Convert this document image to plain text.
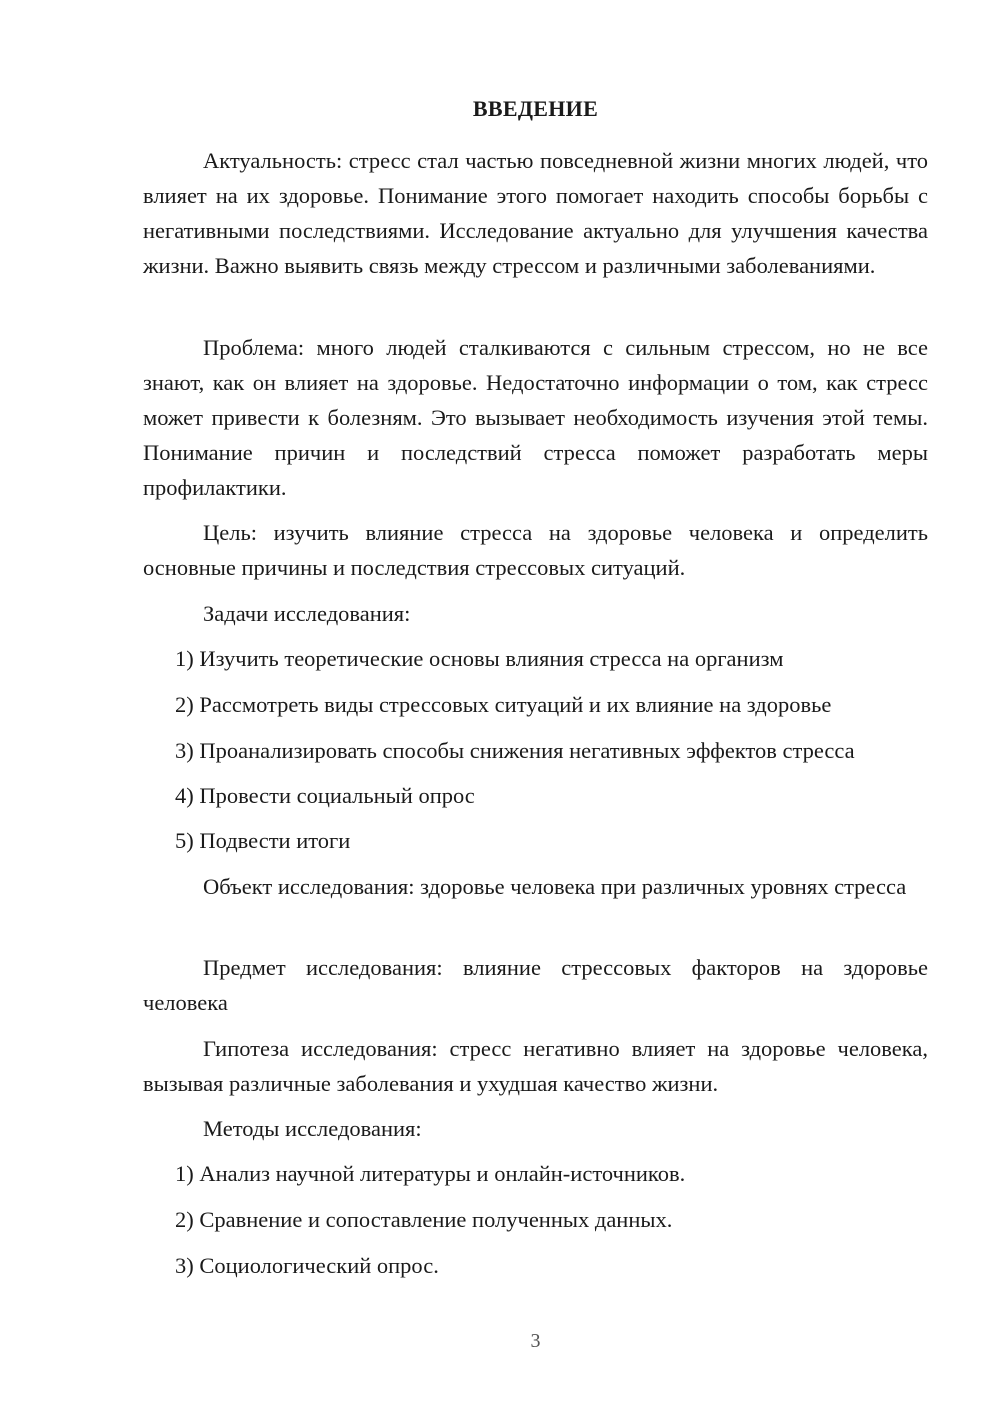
ВВЕДЕНИЕ

Актуальность: стресс стал частью повседневной жизни многих людей, что влияет на их здоровье. Понимание этого помогает находить способы борьбы с негативными последствиями. Исследование актуально для улучшения качества жизни. Важно выявить связь между стрессом и различными заболеваниями.

Проблема: много людей сталкиваются с сильным стрессом, но не все знают, как он влияет на здоровье. Недостаточно информации о том, как стресс может привести к болезням. Это вызывает необходимость изучения этой темы. Понимание причин и последствий стресса поможет разработать меры профилактики.

Цель: изучить влияние стресса на здоровье человека и определить основные причины и последствия стрессовых ситуаций.

Задачи исследования:
1) Изучить теоретические основы влияния стресса на организм
2) Рассмотреть виды стрессовых ситуаций и их влияние на здоровье
3) Проанализировать способы снижения негативных эффектов стресса
4) Провести социальный опрос
5) Подвести итоги

Объект исследования: здоровье человека при различных уровнях стресса

Предмет исследования: влияние стрессовых факторов на здоровье человека

Гипотеза исследования: стресс негативно влияет на здоровье человека, вызывая различные заболевания и ухудшая качество жизни.

Методы исследования:
1) Анализ научной литературы и онлайн-источников.
2) Сравнение и сопоставление полученных данных.
3) Социологический опрос.
3
